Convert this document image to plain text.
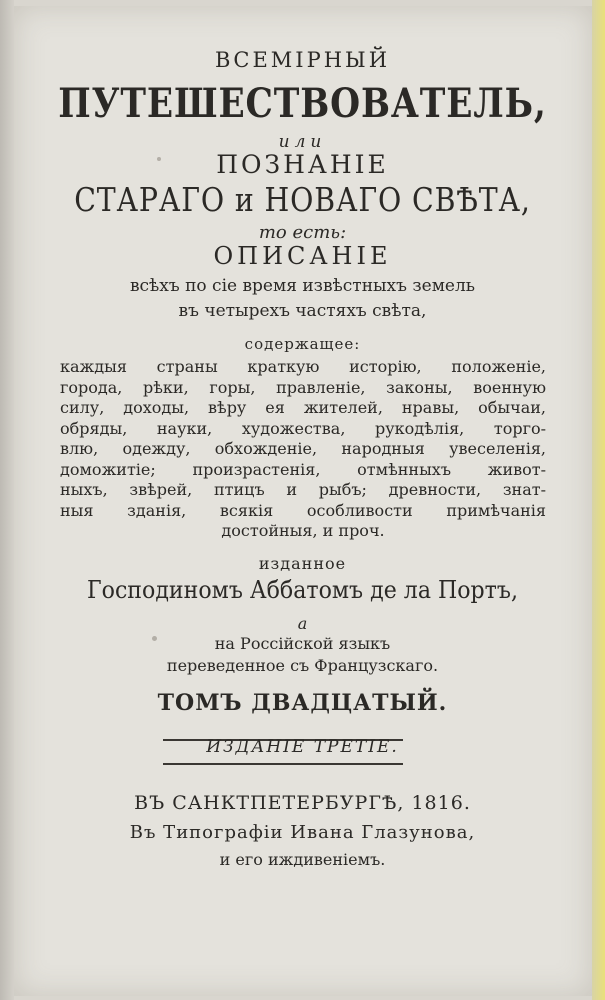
ВСЕМІРНЫЙ
ПУТЕШЕСТВОВАТЕЛЬ,
или
ПОЗНАНІЕ
СТАРАГО и НОВАГО СВѢТА,
то есть:
ОПИСАНІЕ
всѣхъ по сіе время извѣстныхъ земель
въ четырехъ частяхъ свѣта,
содержащее:
каждыя страны краткую исторію, положеніе,
города, рѣки, горы, правленіе, законы, военную
силу, доходы, вѣру ея жителей, нравы, обычаи,
обряды, науки, художества, рукодѣлія, торго-
влю, одежду, обхожденіе, народныя увеселенія,
доможитіе; произрастенія, отмѣнныхъ живот-
ныхъ, звѣрей, птицъ и рыбъ; древности, знат-
ныя зданія, всякія особливости примѣчанія
достойныя, и проч.
изданное
Господиномъ Аббатомъ де ла Портъ,
а
на Россійской языкъ
переведенное съ Французскаго.
ТОМЪ ДВАДЦАТЫЙ.
ИЗДАНІЕ ТРЕТІЕ.
ВЪ САНКТПЕТЕРБУРГѢ, 1816.
Въ Типографіи Ивана Глазунова,
и его иждивеніемъ.
